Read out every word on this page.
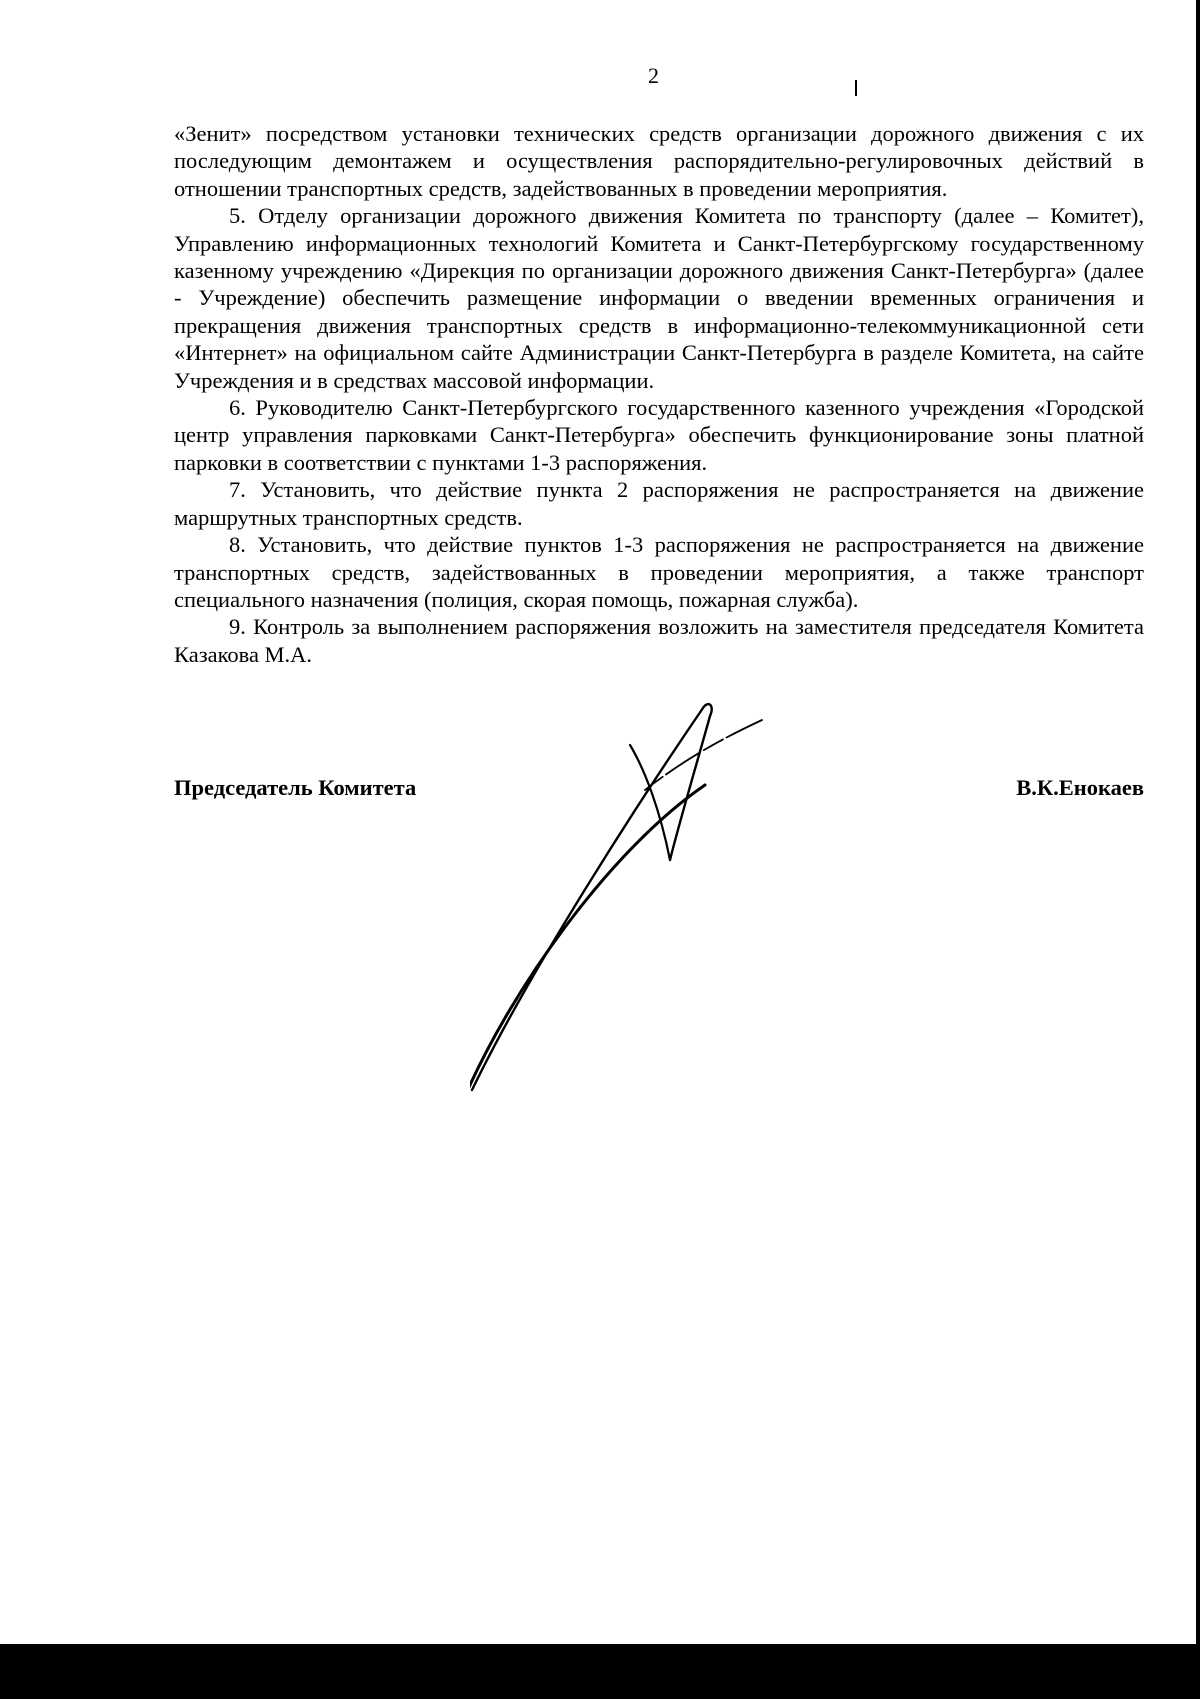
2

«Зенит» посредством установки технических средств организации дорожного движения с их последующим демонтажем и осуществления распорядительно-регулировочных действий в отношении транспортных средств, задействованных в проведении мероприятия.

5. Отделу организации дорожного движения Комитета по транспорту (далее – Комитет), Управлению информационных технологий Комитета и Санкт-Петербургскому государственному казенному учреждению «Дирекция по организации дорожного движения Санкт-Петербурга» (далее - Учреждение) обеспечить размещение информации о введении временных ограничения и прекращения движения транспортных средств в информационно-телекоммуникационной сети «Интернет» на официальном сайте Администрации Санкт-Петербурга в разделе Комитета, на сайте Учреждения и в средствах массовой информации.

6. Руководителю Санкт-Петербургского государственного казенного учреждения «Городской центр управления парковками Санкт-Петербурга» обеспечить функционирование зоны платной парковки в соответствии с пунктами 1-3 распоряжения.

7. Установить, что действие пункта 2 распоряжения не распространяется на движение маршрутных транспортных средств.

8. Установить, что действие пунктов 1-3 распоряжения не распространяется на движение транспортных средств, задействованных в проведении мероприятия, а также транспорт специального назначения (полиция, скорая помощь, пожарная служба).

9. Контроль за выполнением распоряжения возложить на заместителя председателя Комитета Казакова М.А.

Председатель Комитета	В.К.Енокаев
